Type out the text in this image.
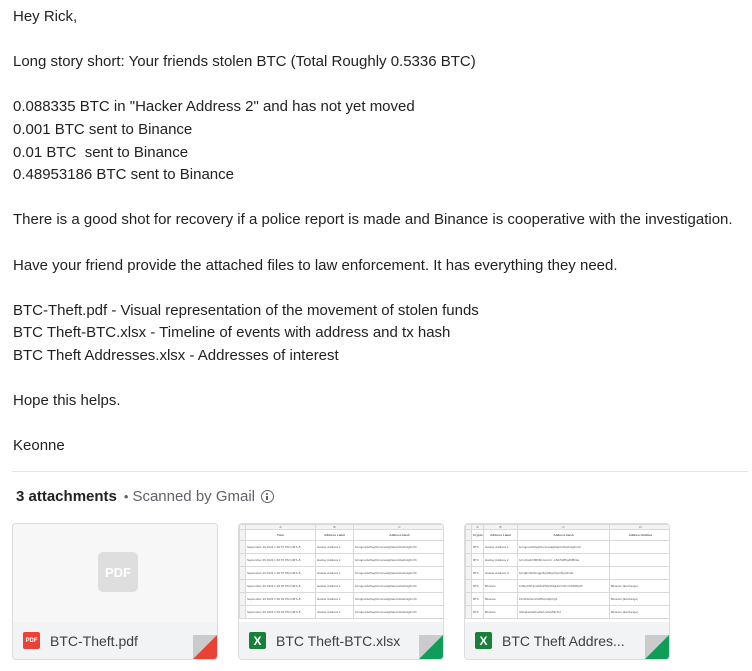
Hey Rick,

Long story short: Your friends stolen BTC (Total Roughly 0.5336 BTC)

0.088335 BTC in "Hacker Address 2" and has not yet moved

0.001 BTC sent to Binance

0.01 BTC  sent to Binance

0.48953186 BTC sent to Binance

There is a good shot for recovery if a police report is made and Binance is cooperative with the investigation.

Have your friend provide the attached files to law enforcement. It has everything they need.

BTC-Theft.pdf - Visual representation of the movement of stolen funds

BTC Theft-BTC.xlsx - Timeline of events with address and tx hash

BTC Theft Addresses.xlsx - Addresses of interest

Hope this helps.

Keonne

3 attachments • Scanned by Gmail
PDF
PDF BTC-Theft.pdf
	A	B	C
	Time	Address Label	Address Hash
	September 26 2023 1:46:57 PM GMT+8	Hacker Address 1	bc1qpuxdw5eg0zsmcvekg9awmdtwshdg3m7k
	September 26 2023 1:46:57 PM GMT+8	Hacker Address 1	bc1qpuxdw5eg0zsmcvekg9awmdtwshdg3m7k
	September 26 2023 1:46:57 PM GMT+8	Hacker Address 1	bc1qpuxdw5eg0zsmcvekg9awmdtwshdg3m7k
	September 26 2023 1:49:45 PM GMT+8	Hacker Address 1	bc1qpuxdw5eg0zsmcvekg9awmdtwshdg3m7k
	September 26 2023 1:52:03 PM GMT+8	Hacker Address 1	bc1qpuxdw5eg0zsmcvekg9awmdtwshdg3m7k
	September 26 2023 1:53:49 PM GMT+8	Hacker Address 1	bc1qpuxdw5eg0zsmcvekg9awmdtwshdg3m7k
X	BTC Theft-BTC.xlsx
	A	B	C	D
	Crypto	Address Label	Address Hash	Address Entities
	BTC	Hacker Address 1	bc1qpuxdw5eg0zsmcvekg9awmdtwshdg3m7k	
	BTC	Hacker Address 2	bc1q7a4nh86h8cnwmz4...e5dr5385pd6f8h4e	
	BTC	Hacker Address 3	bc1q8nh6dfxngqz5q4d6gm5yrc8y4nh4ef	
	BTC	Binance	1NDyJtNTjmwk5xPNhjXMgHG7UDmYdW8Q4S	Binance (Exchange)
	BTC	Binance	1FzWLkhsmNrR5HmSj1hQ2	Binance (Exchange)
	BTC	Binance	3JZq4atUahhuA9rLhXLMhhTo7	Binance (Exchange)
X	BTC Theft Addres...
